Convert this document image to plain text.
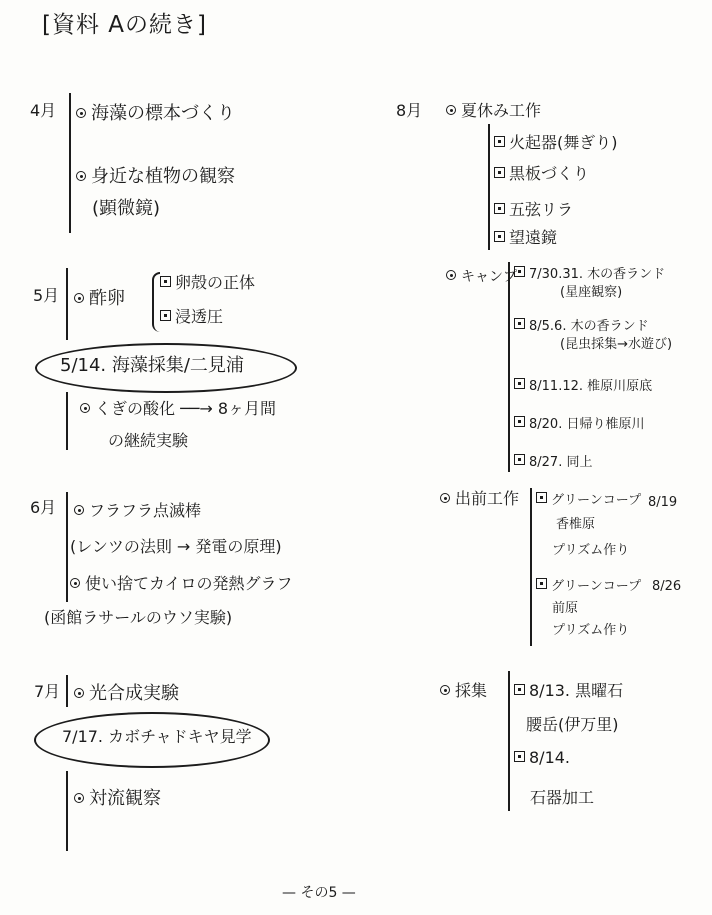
[資料 Aの続き]
4月	海藻の標本づくり
身近な植物の観察
(顕微鏡)
5月	酢卵
卵殻の正体
浸透圧
5/14. 海藻採集/二見浦
くぎの酸化 ──→ 8ヶ月間
の継続実験
6月	フラフラ点滅棒
(レンツの法則 → 発電の原理)
使い捨てカイロの発熱グラフ
(函館ラサールのウソ実験)
7月	光合成実験
7/17. カボチャドキヤ見学
対流観察
8月	夏休み工作
火起器(舞ぎり)
黒板づくり
五弦リラ
望遠鏡
キャンプ 7/30.31. 木の香ランド
(星座観察)
8/5.6. 木の香ランド
(昆虫採集→水遊び)
8/11.12. 椎原川原底
8/20. 日帰り椎原川
8/27. 同上
出前工作	グリーンコープ 8/19
香椎原
プリズム作り
グリーンコープ 8/26
前原
プリズム作り
採集	8/13. 黒曜石
腰岳(伊万里)
8/14.
石器加工
— その5 —
